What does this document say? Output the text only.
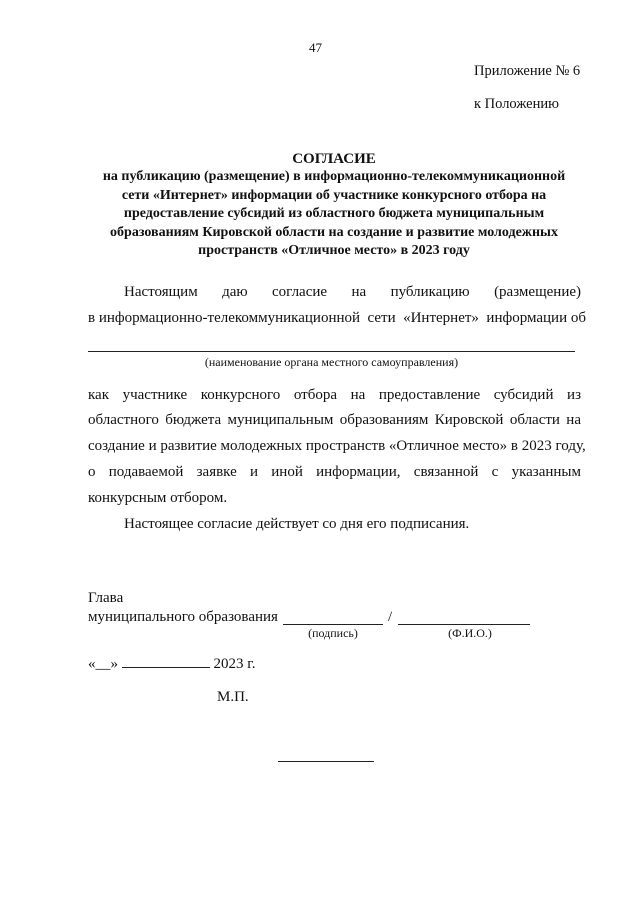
47
Приложение № 6
к Положению
СОГЛАСИЕ
на публикацию (размещение) в информационно-телекоммуникационной
сети «Интернет» информации об участнике конкурсного отбора на
предоставление субсидий из областного бюджета муниципальным
образованиям Кировской области на создание и развитие молодежных
пространств «Отличное место» в 2023 году
Настоящим даю согласие на публикацию (размещение)
в информационно-телекоммуникационной  сети  «Интернет»  информации об
(наименование органа местного самоуправления)
как участнике конкурсного отбора на предоставление субсидий из
областного бюджета муниципальным образованиям Кировской области на
создание и развитие молодежных пространств «Отличное место» в 2023 году,
о подаваемой заявке и иной информации, связанной с указанным
конкурсным отбором.
Настоящее согласие действует со дня его подписания.
Глава
муниципального образования	/
(подпись)	(Ф.И.О.)
«__»	2023 г.
М.П.
